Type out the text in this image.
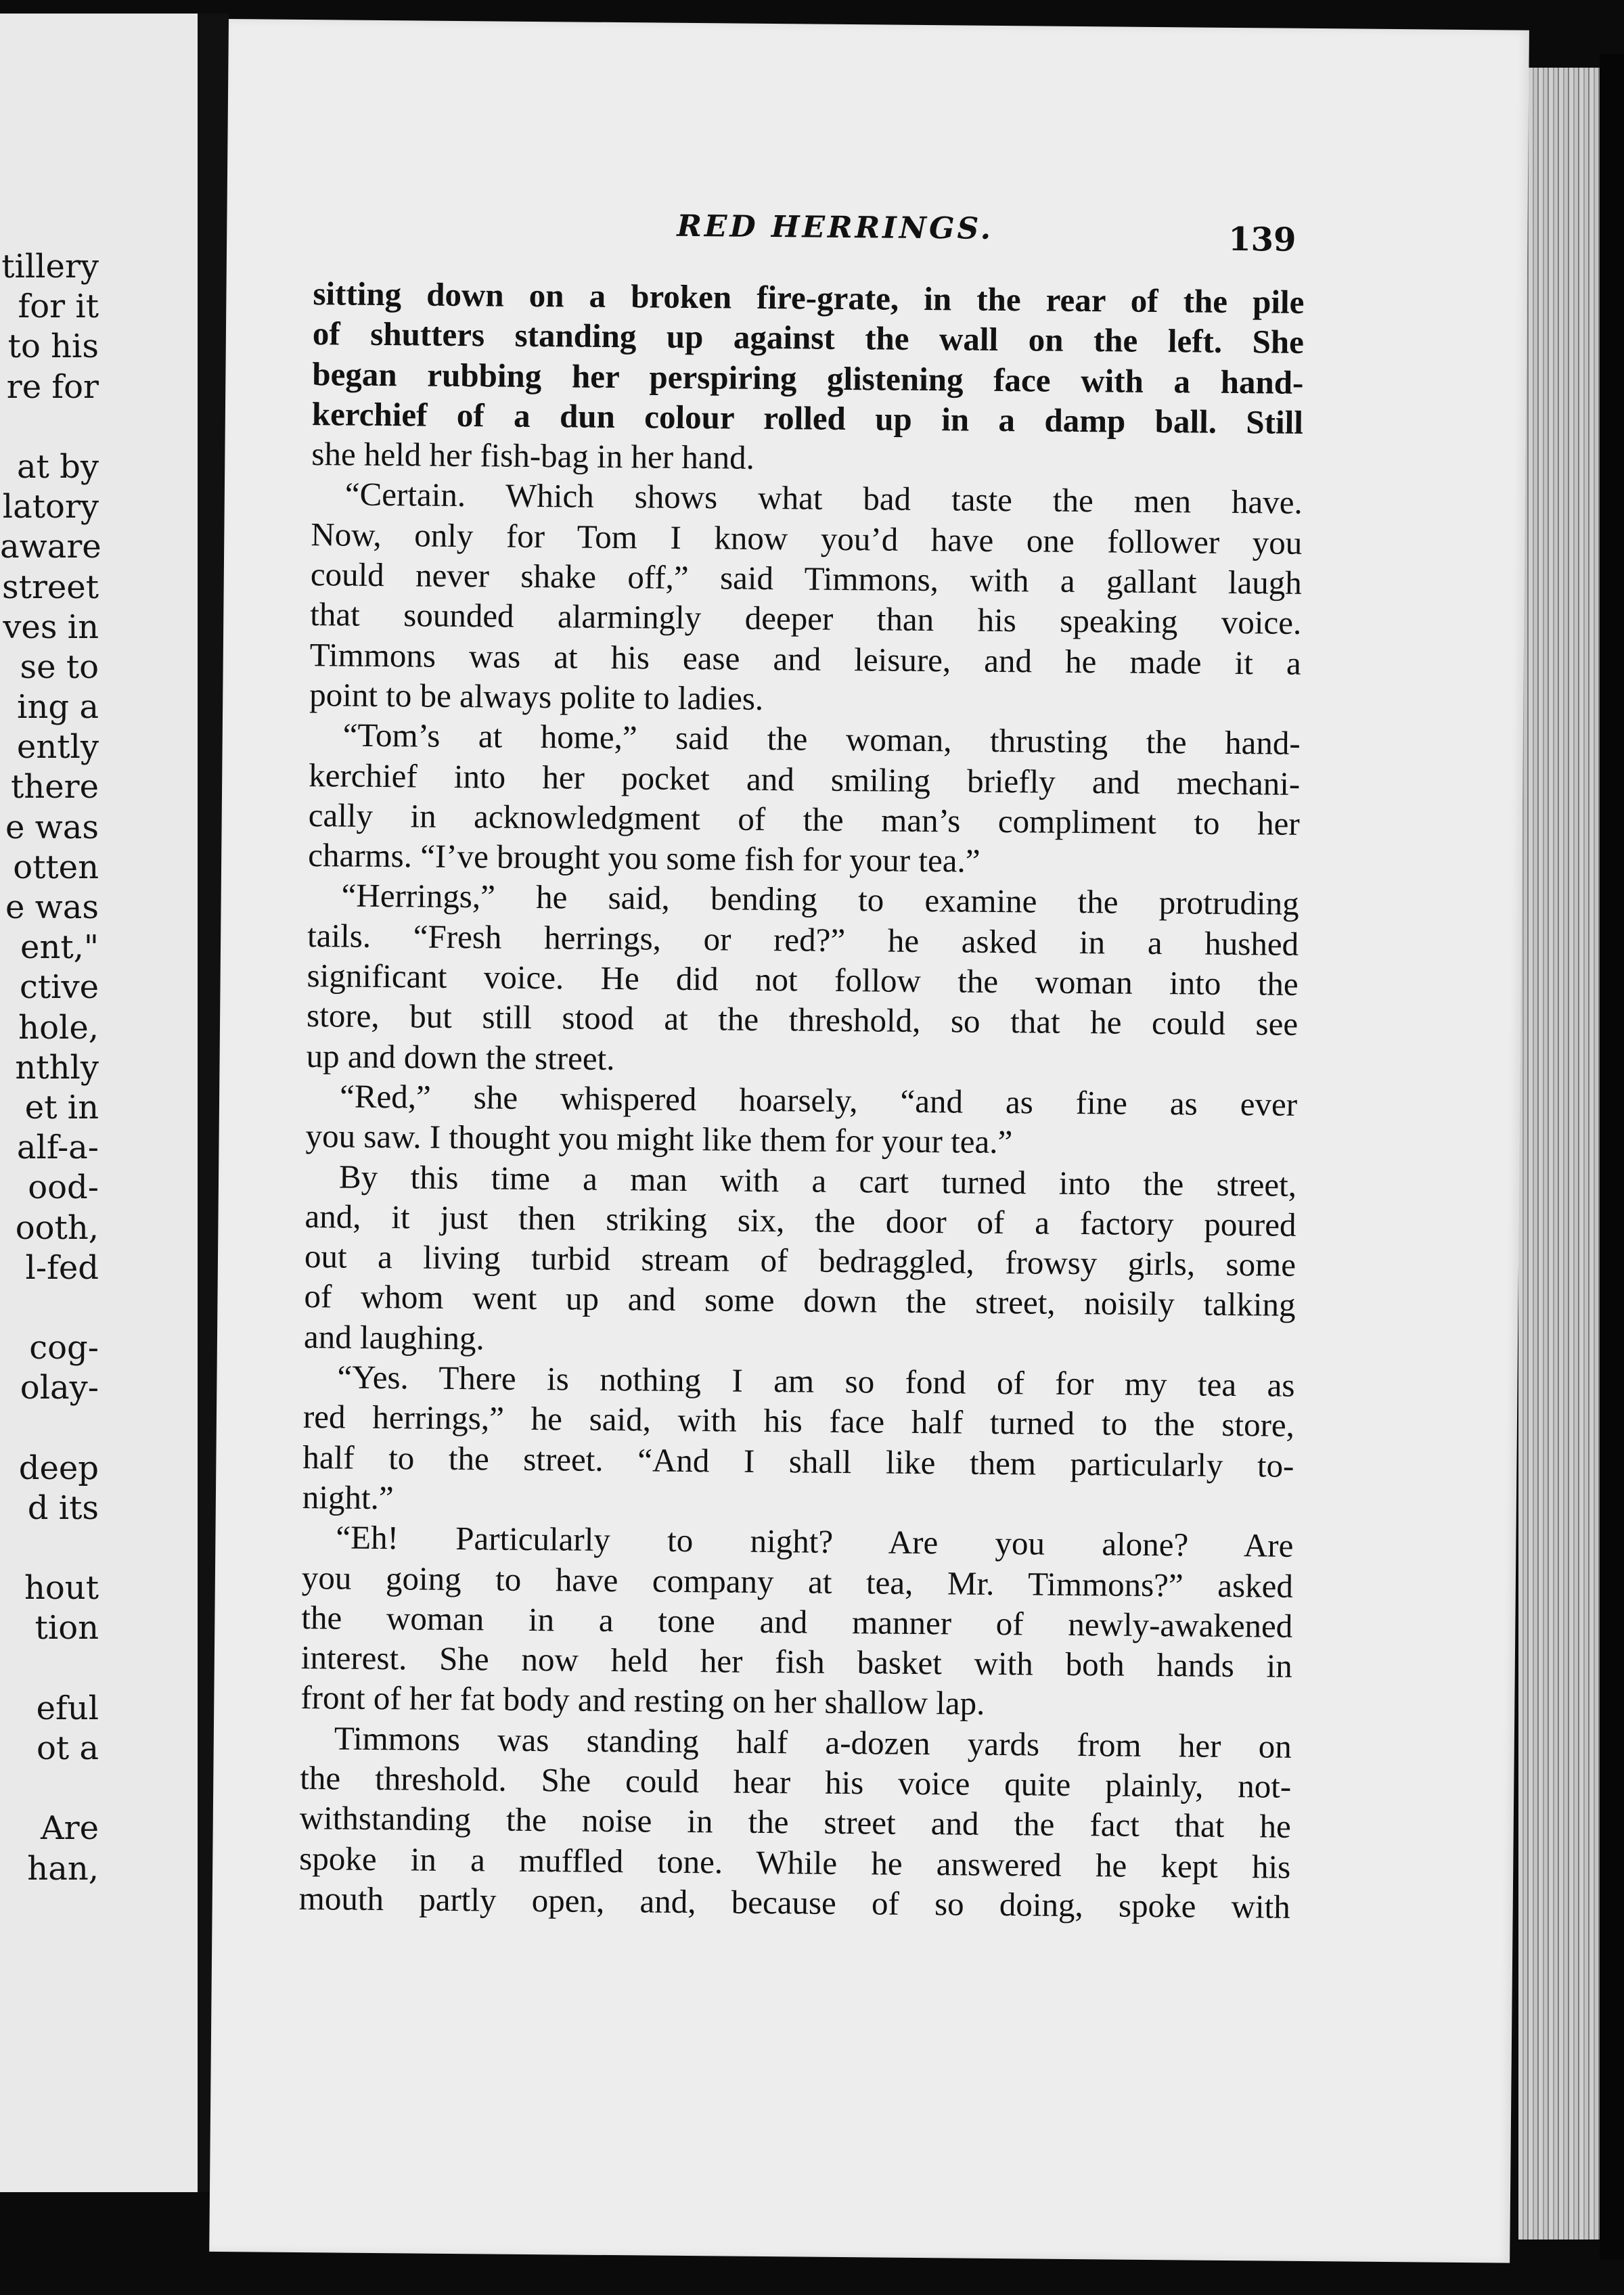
tillery
for it
to his
re for
at by
latory
aware
street
ves in
se to
ing a
ently
there
e was
otten
e was
ent,"
ctive
hole,
nthly
et in
alf-a-
ood-
ooth,
l-fed
cog-
olay-
deep
d its
hout
tion
eful
ot a
Are
han,
RED HERRINGS.	139
sitting down on a broken fire-grate, in the rear of the pile
of shutters standing up against the wall on the left. She
began rubbing her perspiring glistening face with a hand-
kerchief of a dun colour rolled up in a damp ball. Still
she held her fish-bag in her hand.
“Certain. Which shows what bad taste the men have.
Now, only for Tom I know you’d have one follower you
could never shake off,” said Timmons, with a gallant laugh
that sounded alarmingly deeper than his speaking voice.
Timmons was at his ease and leisure, and he made it a
point to be always polite to ladies.
“Tom’s at home,” said the woman, thrusting the hand-
kerchief into her pocket and smiling briefly and mechani-
cally in acknowledgment of the man’s compliment to her
charms. “I’ve brought you some fish for your tea.”
“Herrings,” he said, bending to examine the protruding
tails. “Fresh herrings, or red?” he asked in a hushed
significant voice. He did not follow the woman into the
store, but still stood at the threshold, so that he could see
up and down the street.
“Red,” she whispered hoarsely, “and as fine as ever
you saw. I thought you might like them for your tea.”
By this time a man with a cart turned into the street,
and, it just then striking six, the door of a factory poured
out a living turbid stream of bedraggled, frowsy girls, some
of whom went up and some down the street, noisily talking
and laughing.
“Yes. There is nothing I am so fond of for my tea as
red herrings,” he said, with his face half turned to the store,
half to the street. “And I shall like them particularly to-
night.”
“Eh! Particularly to night? Are you alone? Are
you going to have company at tea, Mr. Timmons?” asked
the woman in a tone and manner of newly-awakened
interest. She now held her fish basket with both hands in
front of her fat body and resting on her shallow lap.
Timmons was standing half a-dozen yards from her on
the threshold. She could hear his voice quite plainly, not-
withstanding the noise in the street and the fact that he
spoke in a muffled tone. While he answered he kept his
mouth partly open, and, because of so doing, spoke with
